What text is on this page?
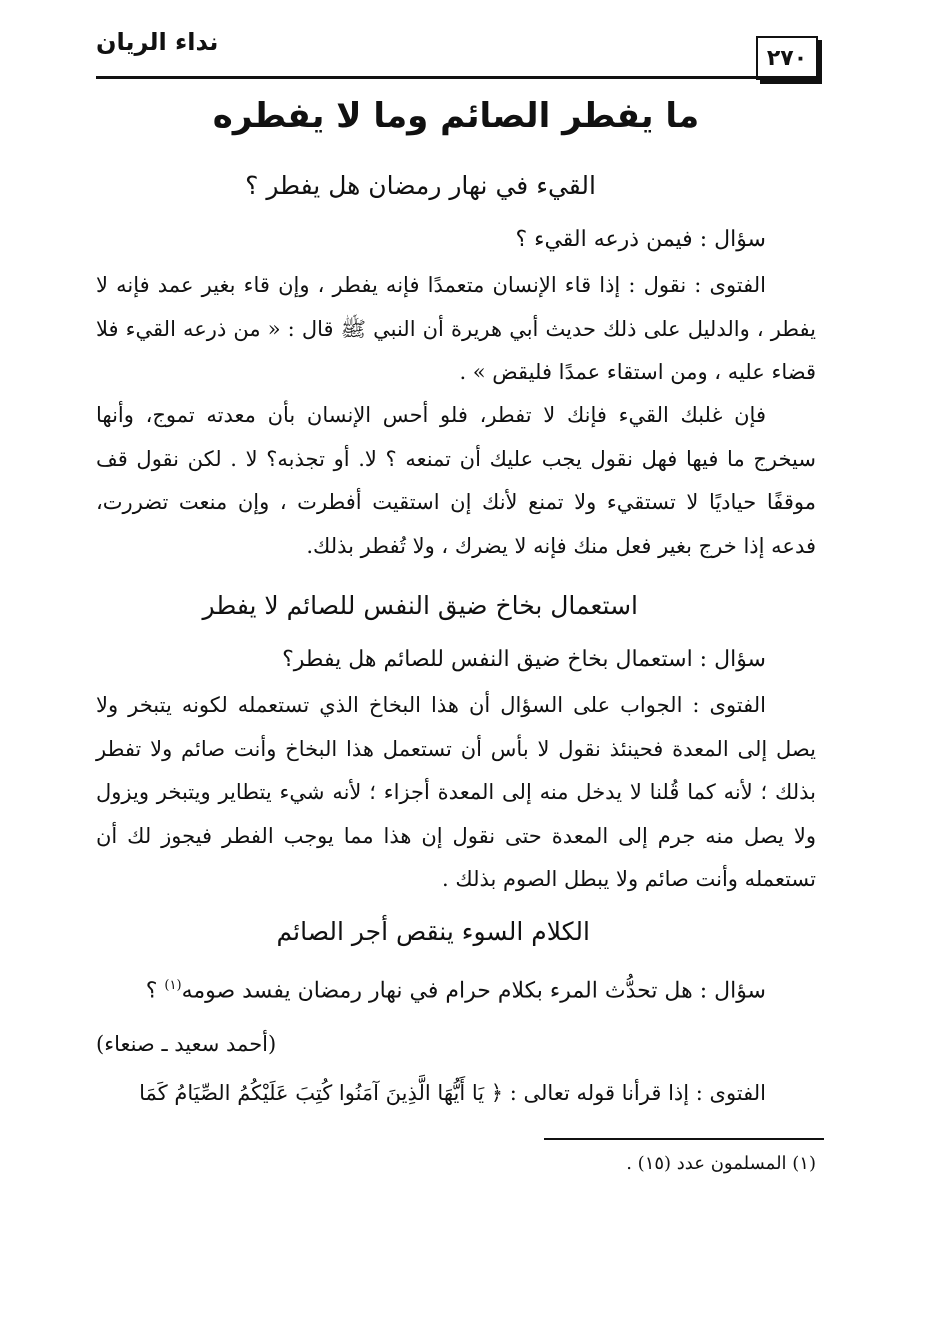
نداء الريان
٢٧٠
ما يفطر الصائم وما لا يفطره
القيء في نهار رمضان هل يفطر ؟
سؤال : فيمن ذرعه القيء ؟
الفتوى : نقول : إذا قاء الإنسان متعمدًا فإنه يفطر ، وإن قاء بغير عمد فإنه لا يفطر ، والدليل على ذلك حديث أبي هريرة أن النبي ﷺ قال : « من ذرعه القيء فلا قضاء عليه ، ومن استقاء عمدًا فليقض » .
فإن غلبك القيء فإنك لا تفطر، فلو أحس الإنسان بأن معدته تموج، وأنها سيخرج ما فيها فهل نقول يجب عليك أن تمنعه ؟ لا. أو تجذبه؟ لا . لكن نقول قف موقفًا حياديًا لا تستقيء ولا تمنع لأنك إن استقيت أفطرت ، وإن منعت تضررت، فدعه إذا خرج بغير فعل منك فإنه لا يضرك ، ولا تُفطر بذلك.
استعمال بخاخ ضيق النفس للصائم لا يفطر
سؤال : استعمال بخاخ ضيق النفس للصائم هل يفطر؟
الفتوى : الجواب على السؤال أن هذا البخاخ الذي تستعمله لكونه يتبخر ولا يصل إلى المعدة فحينئذ نقول لا بأس أن تستعمل هذا البخاخ وأنت صائم ولا تفطر بذلك ؛ لأنه كما قُلنا لا يدخل منه إلى المعدة أجزاء ؛ لأنه شيء يتطاير ويتبخر ويزول ولا يصل منه جرم إلى المعدة حتى نقول إن هذا مما يوجب الفطر فيجوز لك أن تستعمله وأنت صائم ولا يبطل الصوم بذلك .
الكلام السوء ينقص أجر الصائم
سؤال : هل تحدُّث المرء بكلام حرام في نهار رمضان يفسد صومه$^{(١)}$ ؟
(أحمد سعيد ـ صنعاء)
الفتوى : إذا قرأنا قوله تعالى : ﴿ يَا أَيُّهَا الَّذِينَ آمَنُوا كُتِبَ عَلَيْكُمُ الصِّيَامُ كَمَا
(١) المسلمون عدد (١٥) .
